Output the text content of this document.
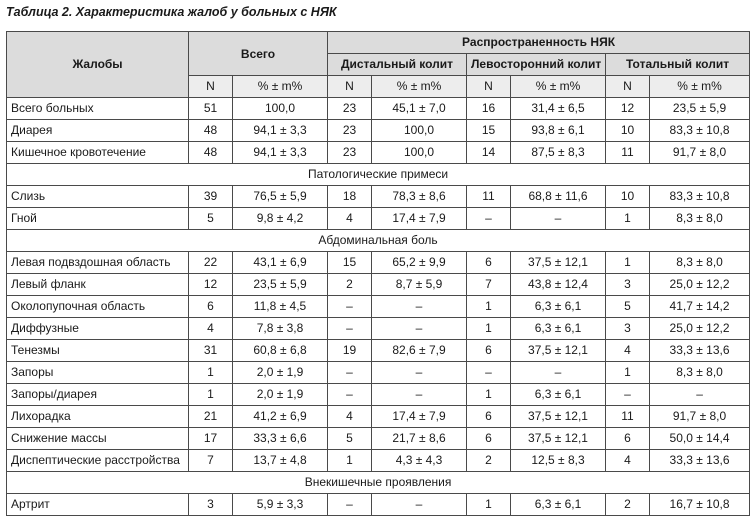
Таблица 2. Характеристика жалоб у больных с НЯК
Жалобы	Всего		Распространенность НЯК					
			Дистальный колит		Левосторонний колит		Тотальный колит	
	N	% ± m%	N	% ± m%	N	% ± m%	N	% ± m%
Всего больных	51	100,0	23	45,1 ± 7,0	16	31,4 ± 6,5	12	23,5 ± 5,9
Диарея	48	94,1 ± 3,3	23	100,0	15	93,8 ± 6,1	10	83,3 ± 10,8
Кишечное кровотечение	48	94,1 ± 3,3	23	100,0	14	87,5 ± 8,3	11	91,7 ± 8,0
Патологические примеси								
Слизь	39	76,5 ± 5,9	18	78,3 ± 8,6	11	68,8 ± 11,6	10	83,3 ± 10,8
Гной	5	9,8 ± 4,2	4	17,4 ± 7,9	–	–	1	8,3 ± 8,0
Абдоминальная боль								
Левая подвздошная область	22	43,1 ± 6,9	15	65,2 ± 9,9	6	37,5 ± 12,1	1	8,3 ± 8,0
Левый фланк	12	23,5 ± 5,9	2	8,7 ± 5,9	7	43,8 ± 12,4	3	25,0 ± 12,2
Околопупочная область	6	11,8 ± 4,5	–	–	1	6,3 ± 6,1	5	41,7 ± 14,2
Диффузные	4	7,8 ± 3,8	–	–	1	6,3 ± 6,1	3	25,0 ± 12,2
Тенезмы	31	60,8 ± 6,8	19	82,6 ± 7,9	6	37,5 ± 12,1	4	33,3 ± 13,6
Запоры	1	2,0 ± 1,9	–	–	–	–	1	8,3 ± 8,0
Запоры/диарея	1	2,0 ± 1,9	–	–	1	6,3 ± 6,1	–	–
Лихорадка	21	41,2 ± 6,9	4	17,4 ± 7,9	6	37,5 ± 12,1	11	91,7 ± 8,0
Снижение массы	17	33,3 ± 6,6	5	21,7 ± 8,6	6	37,5 ± 12,1	6	50,0 ± 14,4
Диспептические расстройства	7	13,7 ± 4,8	1	4,3 ± 4,3	2	12,5 ± 8,3	4	33,3 ± 13,6
Внекишечные проявления								
Артрит	3	5,9 ± 3,3	–	–	1	6,3 ± 6,1	2	16,7 ± 10,8
